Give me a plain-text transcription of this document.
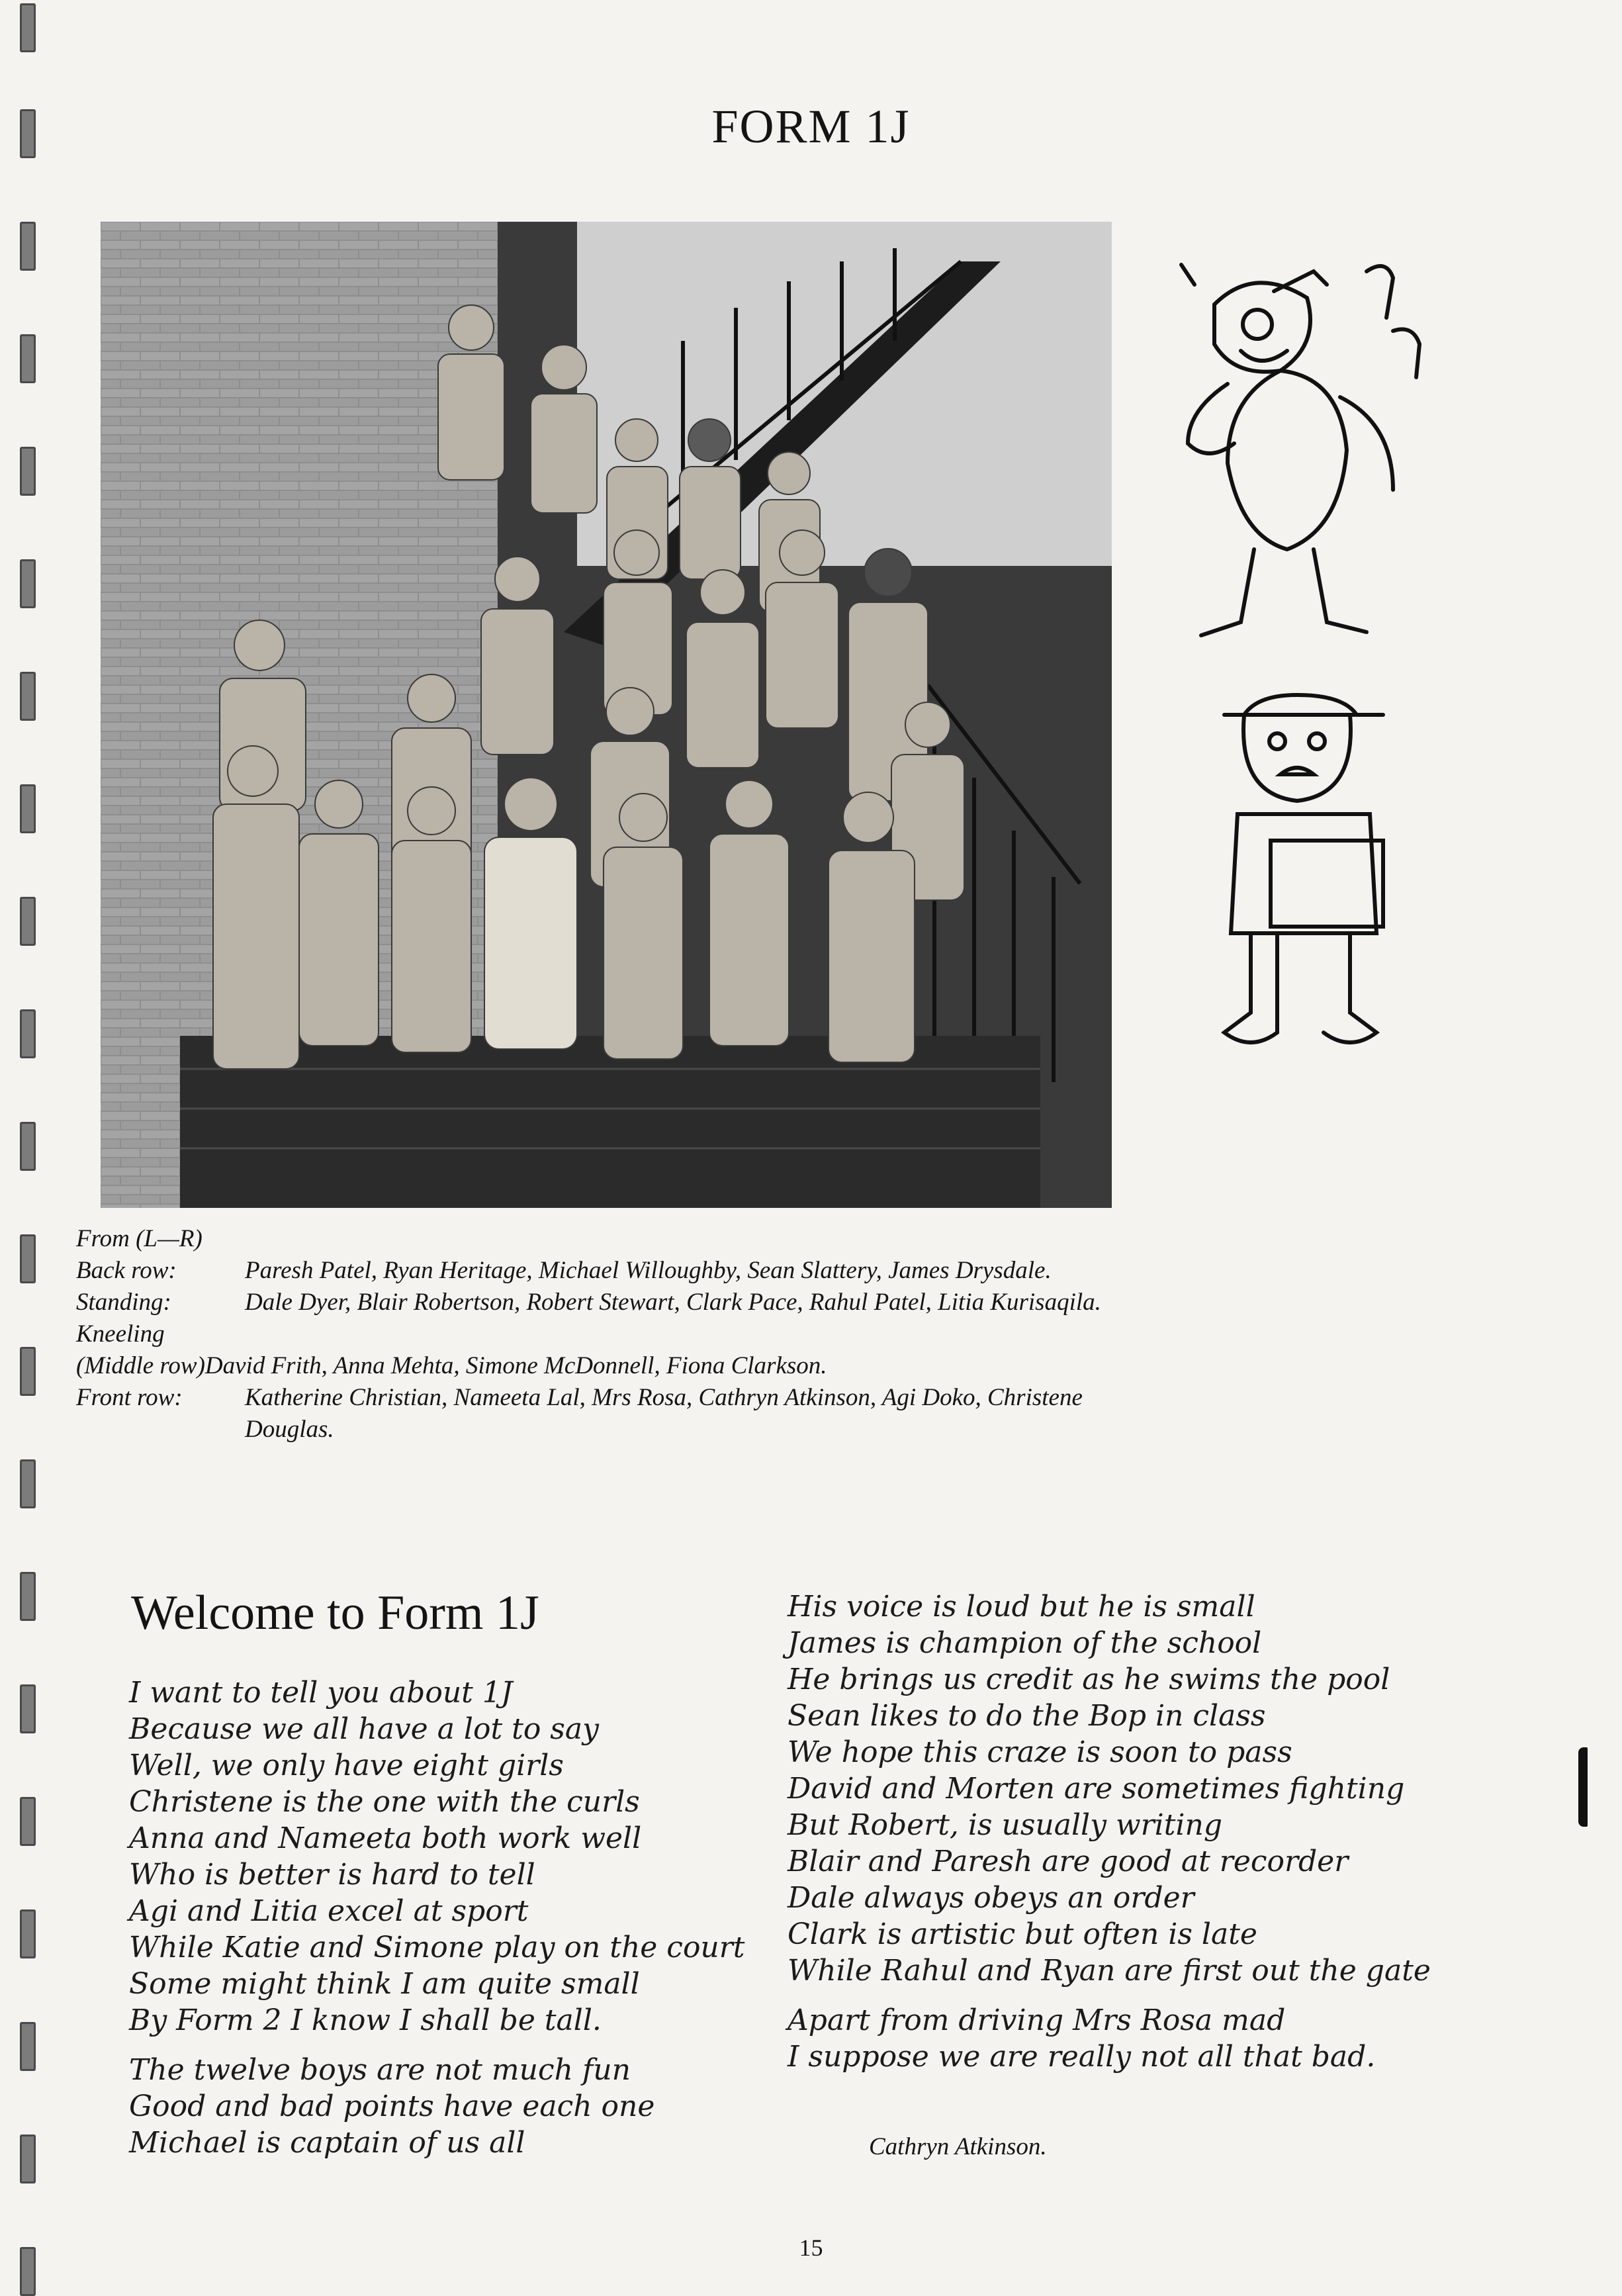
FORM 1J
From (L—R)
Back row:	Paresh Patel, Ryan Heritage, Michael Willoughby, Sean Slattery, James Drysdale.
Standing:	Dale Dyer, Blair Robertson, Robert Stewart, Clark Pace, Rahul Patel, Litia Kurisaqila.
Kneeling
(Middle row) David Frith, Anna Mehta, Simone McDonnell, Fiona Clarkson.
Front row:	Katherine Christian, Nameeta Lal, Mrs Rosa, Cathryn Atkinson, Agi Doko, Christene Douglas.
Welcome to Form 1J
I want to tell you about 1J
Because we all have a lot to say
Well, we only have eight girls
Christene is the one with the curls
Anna and Nameeta both work well
Who is better is hard to tell
Agi and Litia excel at sport
While Katie and Simone play on the court
Some might think I am quite small
By Form 2 I know I shall be tall.
The twelve boys are not much fun
Good and bad points have each one
Michael is captain of us all
His voice is loud but he is small
James is champion of the school
He brings us credit as he swims the pool
Sean likes to do the Bop in class
We hope this craze is soon to pass
David and Morten are sometimes fighting
But Robert, is usually writing
Blair and Paresh are good at recorder
Dale always obeys an order
Clark is artistic but often is late
While Rahul and Ryan are first out the gate
Apart from driving Mrs Rosa mad
I suppose we are really not all that bad.
Cathryn Atkinson.
15
